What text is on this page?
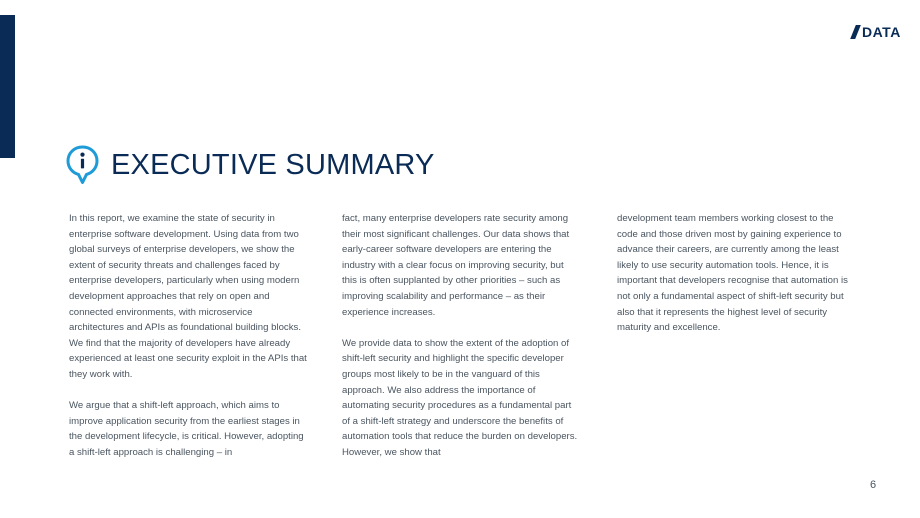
DATA
EXECUTIVE SUMMARY

In this report, we examine the state of security in enterprise software development. Using data from two global surveys of enterprise developers, we show the extent of security threats and challenges faced by enterprise developers, particularly when using modern development approaches that rely on open and connected environments, with microservice architectures and APIs as foundational building blocks. We find that the majority of developers have already experienced at least one security exploit in the APIs that they work with.

We argue that a shift-left approach, which aims to improve application security from the earliest stages in the development lifecycle, is critical. However, adopting a shift-left approach is challenging – in

fact, many enterprise developers rate security among their most significant challenges. Our data shows that early-career software developers are entering the industry with a clear focus on improving security, but this is often supplanted by other priorities – such as improving scalability and performance – as their experience increases.

We provide data to show the extent of the adoption of shift-left security and highlight the specific developer groups most likely to be in the vanguard of this approach. We also address the importance of automating security procedures as a fundamental part of a shift-left strategy and underscore the benefits of automation tools that reduce the burden on developers. However, we show that

development team members working closest to the code and those driven most by gaining experience to advance their careers, are currently among the least likely to use security automation tools. Hence, it is important that developers recognise that automation is not only a fundamental aspect of shift-left security but also that it represents the highest level of security maturity and excellence.

6
